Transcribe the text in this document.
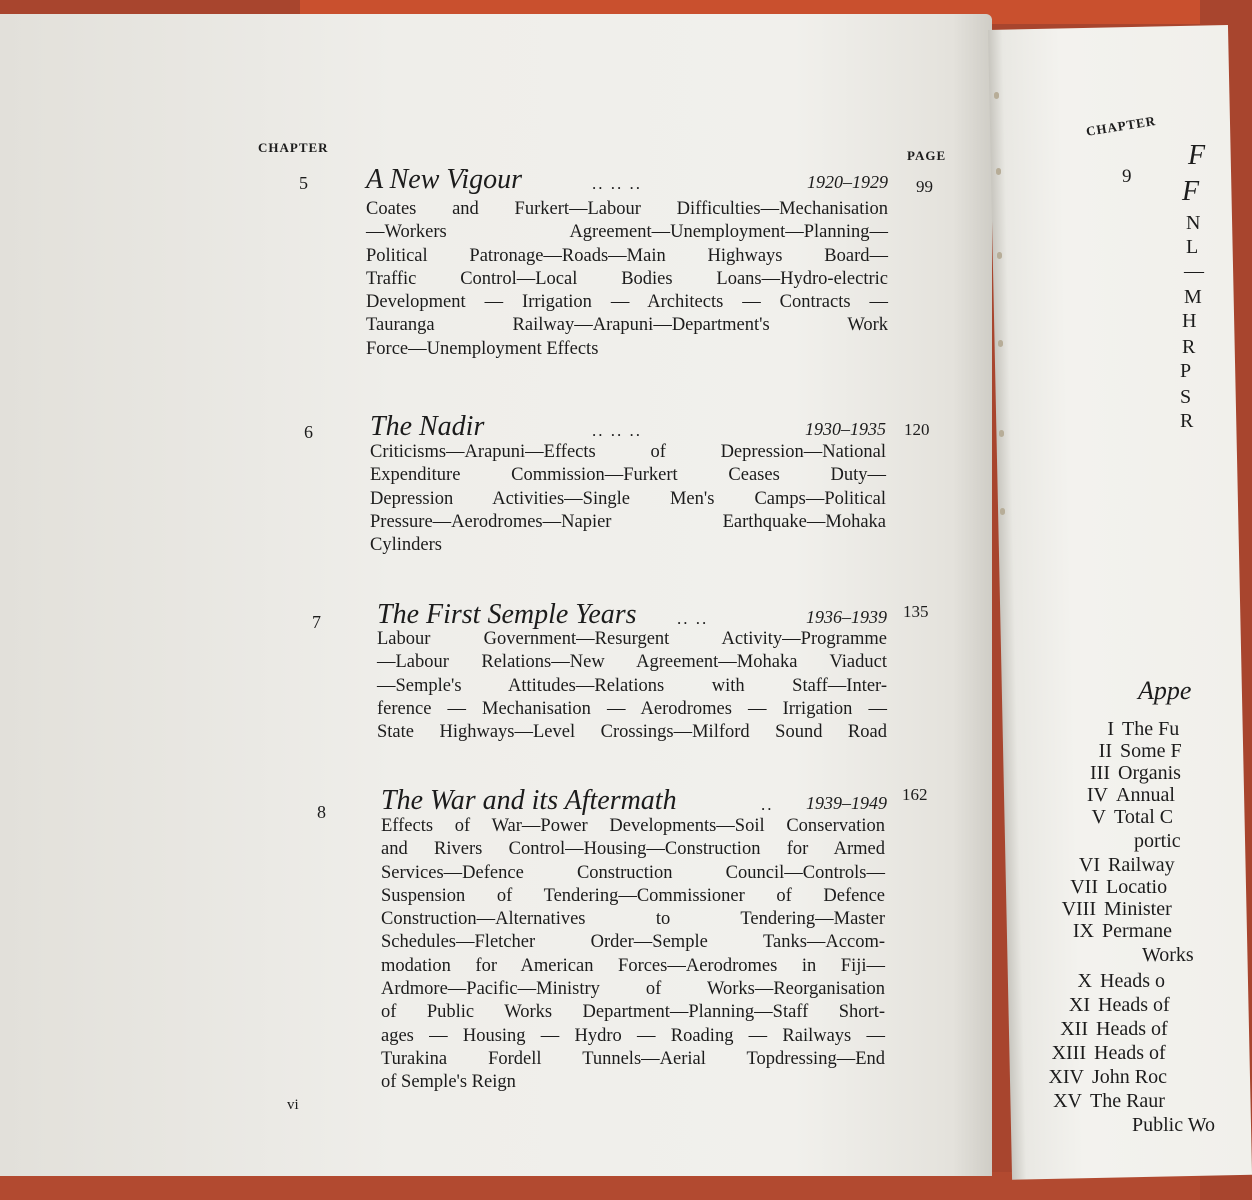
CHAPTER
PAGE
5 A New Vigour	.. .. ..	1920–1929 99
Coates and Furkert—Labour Difficulties—Mechanisation
—Workers Agreement—Unemployment—Planning—
Political Patronage—Roads—Main Highways Board—
Traffic Control—Local Bodies Loans—Hydro-electric
Development — Irrigation — Architects — Contracts —
Tauranga Railway—Arapuni—Department's Work
Force—Unemployment Effects
6 The Nadir	.. .. ..	1930–1935 120
Criticisms—Arapuni—Effects of Depression—National
Expenditure Commission—Furkert Ceases Duty—
Depression Activities—Single Men's Camps—Political
Pressure—Aerodromes—Napier Earthquake—Mohaka
Cylinders
7 The First Semple Years .. ..	1936–1939 135
Labour Government—Resurgent Activity—Programme
—Labour Relations—New Agreement—Mohaka Viaduct
—Semple's Attitudes—Relations with Staff—Inter-
ference — Mechanisation — Aerodromes — Irrigation —
State Highways—Level Crossings—Milford Sound Road
8 The War and its Aftermath	.. 1939–1949 162
Effects of War—Power Developments—Soil Conservation
and Rivers Control—Housing—Construction for Armed
Services—Defence Construction Council—Controls—
Suspension of Tendering—Commissioner of Defence
Construction—Alternatives to Tendering—Master
Schedules—Fletcher Order—Semple Tanks—Accom-
modation for American Forces—Aerodromes in Fiji—
Ardmore—Pacific—Ministry of Works—Reorganisation
of Public Works Department—Planning—Staff Short-
ages — Housing — Hydro — Roading — Railways —
Turakina Fordell Tunnels—Aerial Topdressing—End
of Semple's Reign
vi
CHAPTER
9
F
F
N
L
—
M
H
R
P
S
R
Appe
I The Fu
II Some F
III Organis
IV Annual
V Total C
portic
VI Railway
VII Locatio
VIII Minister
IX Permane
Works
X Heads o
XI Heads of
XII Heads of
XIII Heads of
XIV John Roc
XV The Raur
Public Wo
